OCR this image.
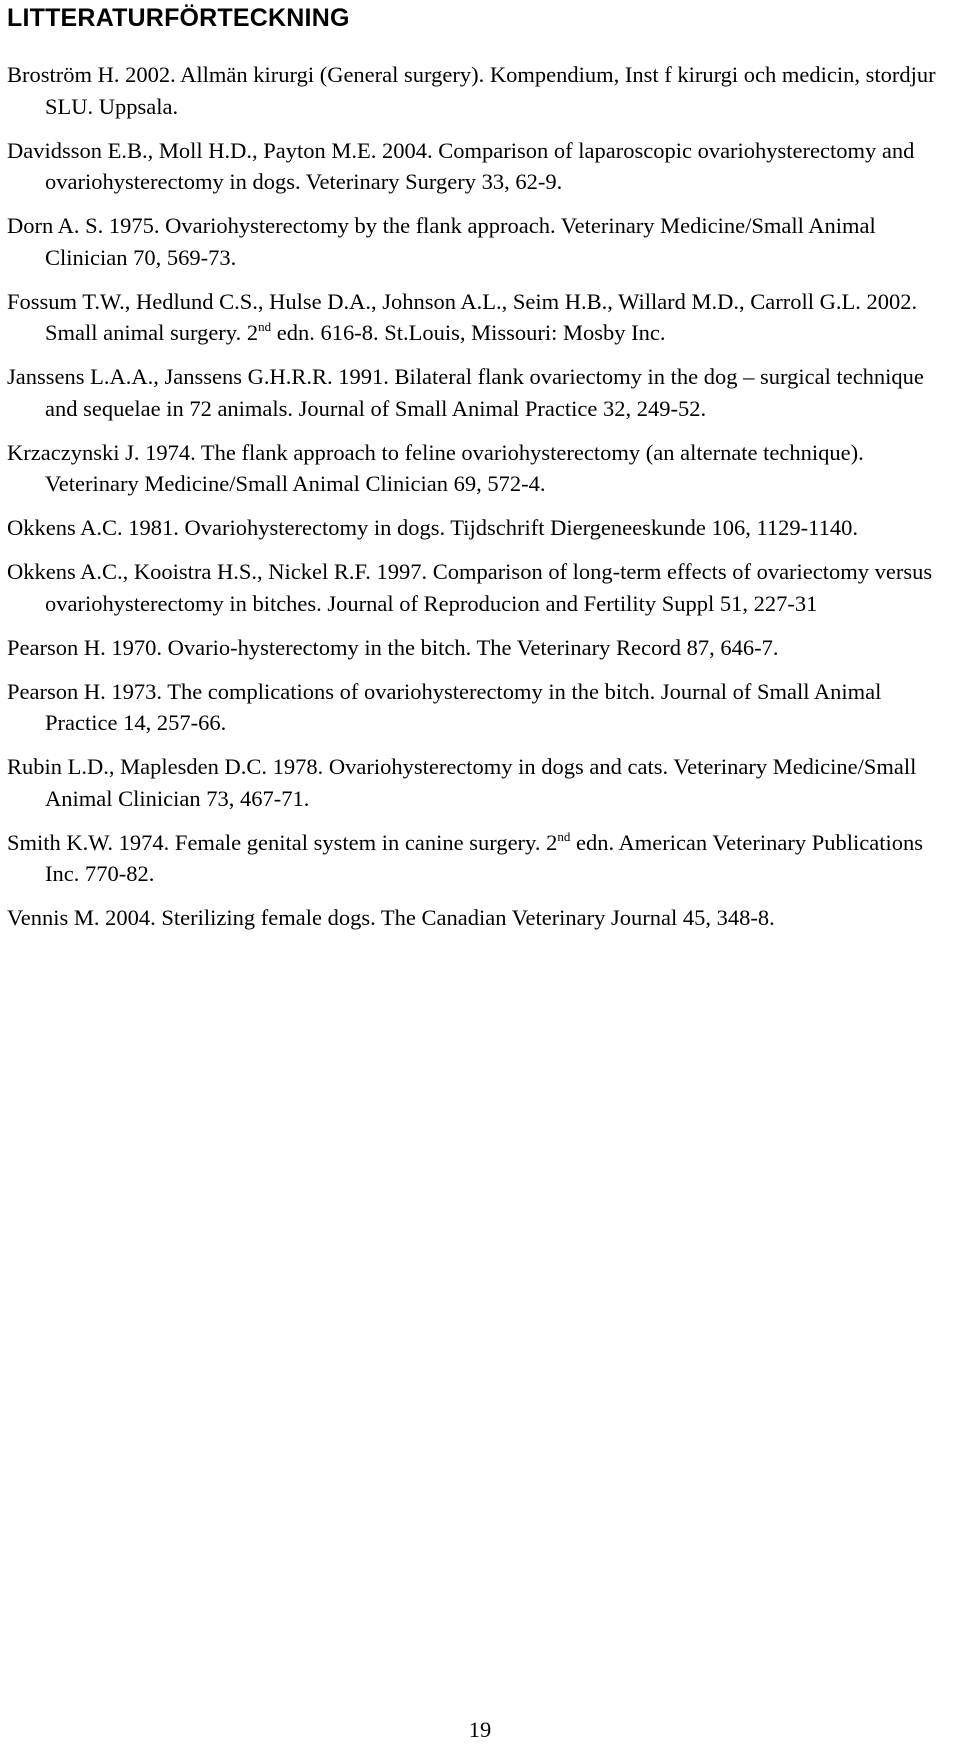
LITTERATURFÖRTECKNING
Broström H. 2002. Allmän kirurgi (General surgery). Kompendium, Inst f kirurgi och medicin, stordjur SLU. Uppsala.
Davidsson E.B., Moll H.D., Payton M.E. 2004. Comparison of laparoscopic ovariohysterectomy and ovariohysterectomy in dogs. Veterinary Surgery 33, 62-9.
Dorn A. S. 1975. Ovariohysterectomy by the flank approach. Veterinary Medicine/Small Animal Clinician 70, 569-73.
Fossum T.W., Hedlund C.S., Hulse D.A., Johnson A.L., Seim H.B., Willard M.D., Carroll G.L. 2002. Small animal surgery. 2nd edn. 616-8. St.Louis, Missouri: Mosby Inc.
Janssens L.A.A., Janssens G.H.R.R. 1991. Bilateral flank ovariectomy in the dog – surgical technique and sequelae in 72 animals. Journal of Small Animal Practice 32, 249-52.
Krzaczynski J. 1974. The flank approach to feline ovariohysterectomy (an alternate technique). Veterinary Medicine/Small Animal Clinician 69, 572-4.
Okkens A.C. 1981. Ovariohysterectomy in dogs. Tijdschrift Diergeneeskunde 106, 1129-1140.
Okkens A.C., Kooistra H.S., Nickel R.F. 1997. Comparison of long-term effects of ovariectomy versus ovariohysterectomy in bitches. Journal of Reproducion and Fertility Suppl 51, 227-31
Pearson H. 1970. Ovario-hysterectomy in the bitch. The Veterinary Record 87, 646-7.
Pearson H. 1973. The complications of ovariohysterectomy in the bitch. Journal of Small Animal Practice 14, 257-66.
Rubin L.D., Maplesden D.C. 1978. Ovariohysterectomy in dogs and cats. Veterinary Medicine/Small Animal Clinician 73, 467-71.
Smith K.W. 1974. Female genital system in canine surgery. 2nd edn. American Veterinary Publications Inc. 770-82.
Vennis M. 2004. Sterilizing female dogs. The Canadian Veterinary Journal 45, 348-8.
19
